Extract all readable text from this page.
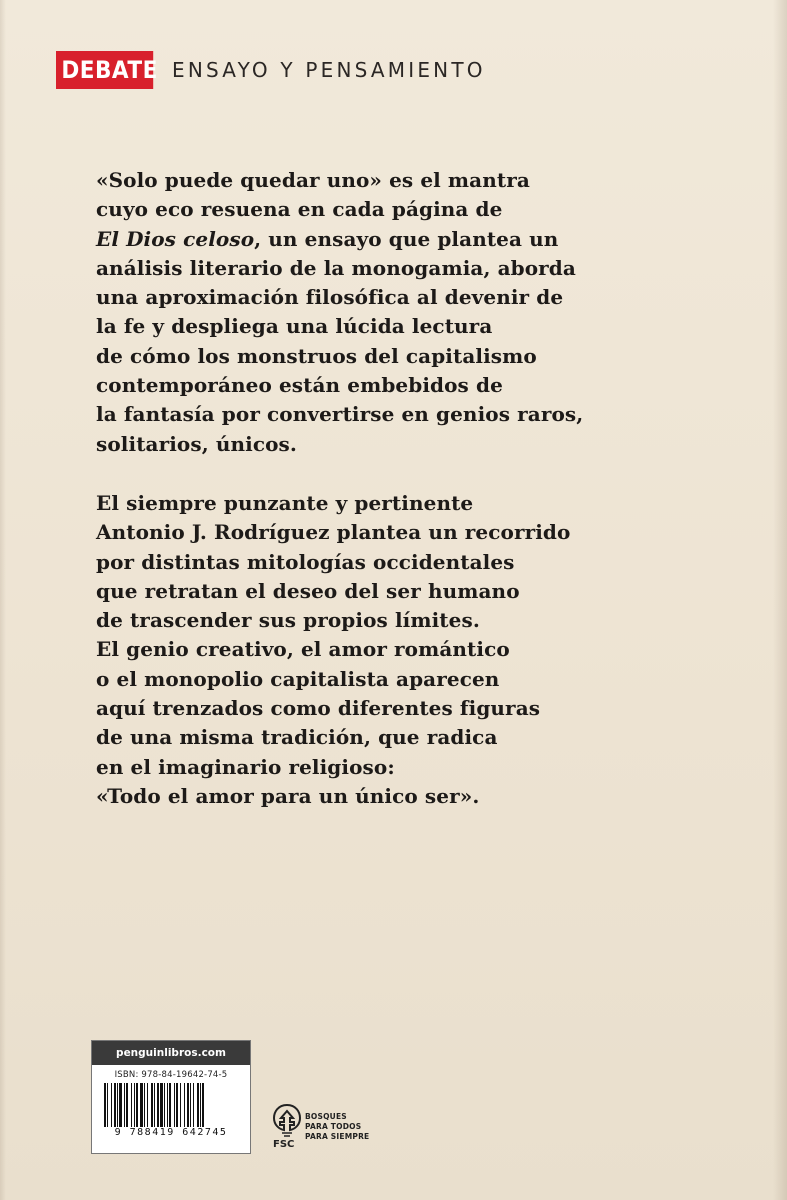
DEBATE ENSAYO Y PENSAMIENTO

«Solo puede quedar uno» es el mantra
cuyo eco resuena en cada página de
El Dios celoso, un ensayo que plantea un
análisis literario de la monogamia, aborda
una aproximación filosófica al devenir de
la fe y despliega una lúcida lectura
de cómo los monstruos del capitalismo
contemporáneo están embebidos de
la fantasía por convertirse en genios raros,
solitarios, únicos.

El siempre punzante y pertinente
Antonio J. Rodríguez plantea un recorrido
por distintas mitologías occidentales
que retratan el deseo del ser humano
de trascender sus propios límites.
El genio creativo, el amor romántico
o el monopolio capitalista aparecen
aquí trenzados como diferentes figuras
de una misma tradición, que radica
en el imaginario religioso:
«Todo el amor para un único ser».

penguinlibros.com
ISBN: 978-84-19642-74-5
9 788419 642745
FSC
BOSQUES
PARA TODOS
PARA SIEMPRE
